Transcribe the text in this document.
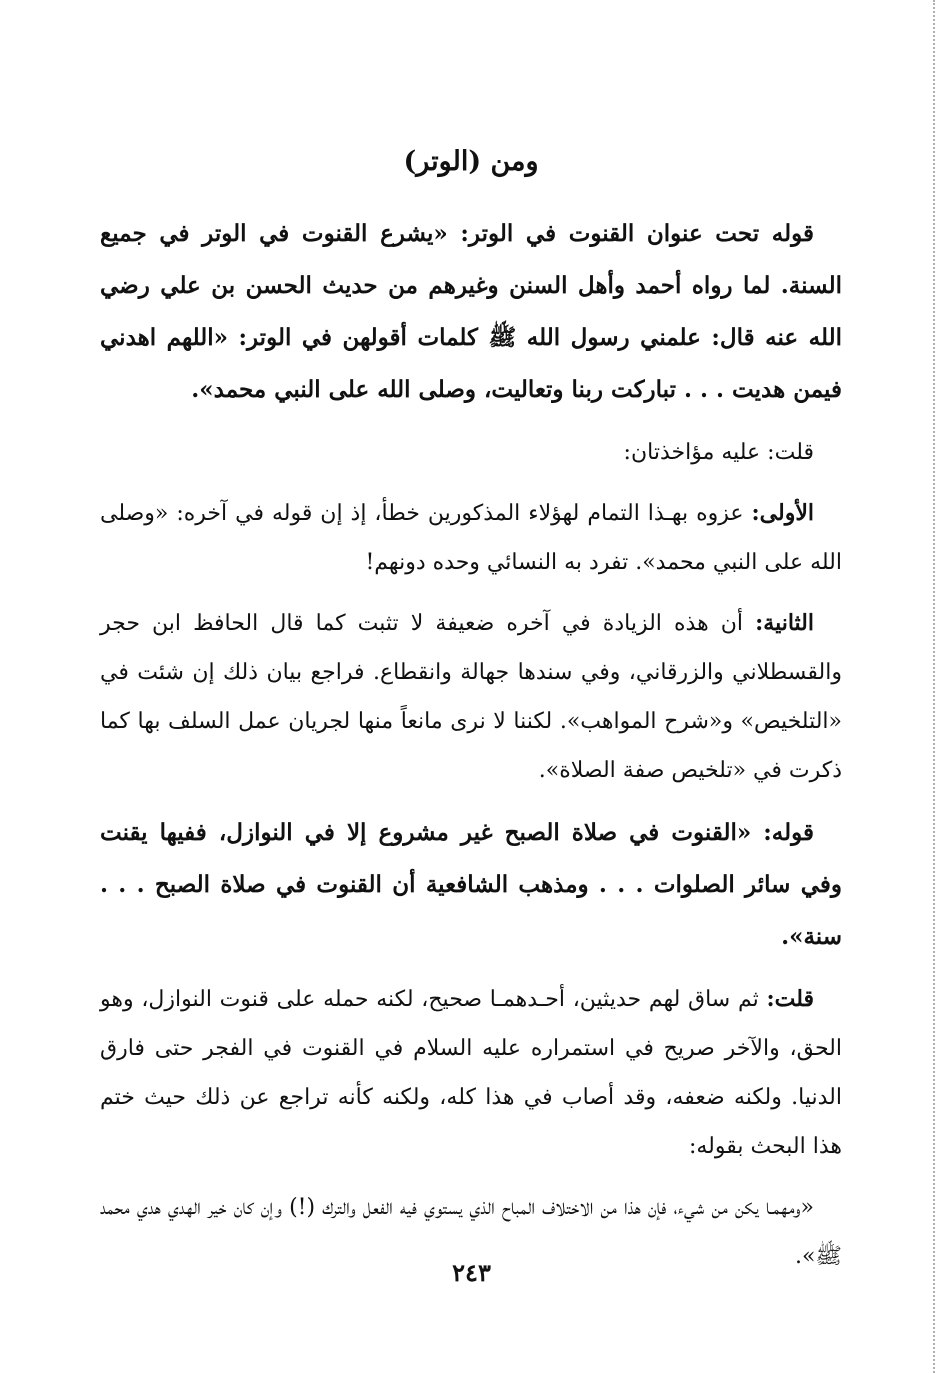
ومن (الوتر)

قوله تحت عنوان القنوت في الوتر: «يشرع القنوت في الوتر في جميع السنة. لما رواه أحمد وأهل السنن وغيرهم من حديث الحسن بن علي رضي الله عنه قال: علمني رسول الله ﷺ كلمات أقولهن في الوتر: «اللهم اهدني فيمن هديت . . . تباركت ربنا وتعاليت، وصلى الله على النبي محمد».

قلت: عليه مؤاخذتان:

الأولى: عزوه بهـذا التمام لهؤلاء المذكورين خطأ، إذ إن قوله في آخره: «وصلى الله على النبي محمد». تفرد به النسائي وحده دونهم!

الثانية: أن هذه الزيادة في آخره ضعيفة لا تثبت كما قال الحافظ ابن حجر والقسطلاني والزرقاني، وفي سندها جهالة وانقطاع. فراجع بيان ذلك إن شئت في «التلخيص» و«شرح المواهب». لكننا لا نرى مانعاً منها لجريان عمل السلف بها كما ذكرت في «تلخيص صفة الصلاة».

قوله: «القنوت في صلاة الصبح غير مشروع إلا في النوازل، ففيها يقنت وفي سائر الصلوات . . . ومذهب الشافعية أن القنوت في صلاة الصبح . . . سنة».

قلت: ثم ساق لهم حديثين، أحـدهمـا صحيح، لكنه حمله على قنوت النوازل، وهو الحق، والآخر صريح في استمراره عليه السلام في القنوت في الفجر حتى فارق الدنيا. ولكنه ضعفه، وقد أصاب في هذا كله، ولكنه كأنه تراجع عن ذلك حيث ختم هذا البحث بقوله:

«ومهمـا يكن من شيء، فإن هذا من الاختلاف المباح الذي يستوي فيه الفعل والترك (!) وإن كان خير الهدي هدي محمد ﷺ».

٢٤٣
